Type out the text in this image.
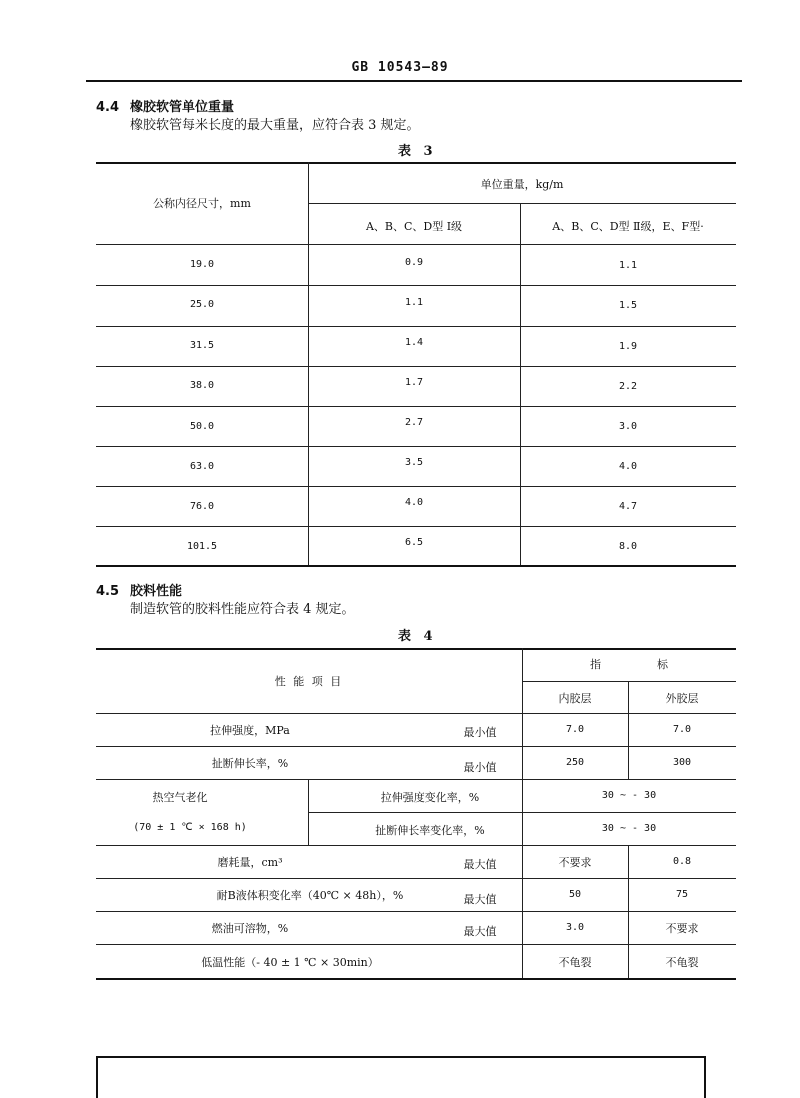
GB 10543—89
4.4 橡胶软管单位重量
橡胶软管每米长度的最大重量，应符合表 3 规定。
表 3
公称内径尺寸，mm
单位重量，kg/m
A、B、C、D型 Ⅰ级	A、B、C、D型 Ⅱ级，E、F型·
19.0	0.9	1.1
25.0	1.1	1.5
31.5	1.4	1.9
38.0	1.7	2.2
50.0	2.7	3.0
63.0	3.5	4.0
76.0	4.0	4.7
101.5	6.5	8.0
4.5 胶料性能
制造软管的胶料性能应符合表 4 规定。
表 4
性 能 项 目
指                标
内胶层	外胶层
拉伸强度，MPa	最小值	7.0	7.0
扯断伸长率，%	最小值	250	300
热空气老化
(70 ± 1 ℃ × 168 h)
拉伸强度变化率，%	30 ~ - 30
扯断伸长率变化率，%	30 ~ - 30
磨耗量，cm³	最大值	不要求	0.8
耐B液体积变化率（40℃ × 48h），%	最大值	50	75
燃油可溶物，%	最大值	3.0	不要求
低温性能（- 40 ± 1 ℃ × 30min）	不龟裂	不龟裂
